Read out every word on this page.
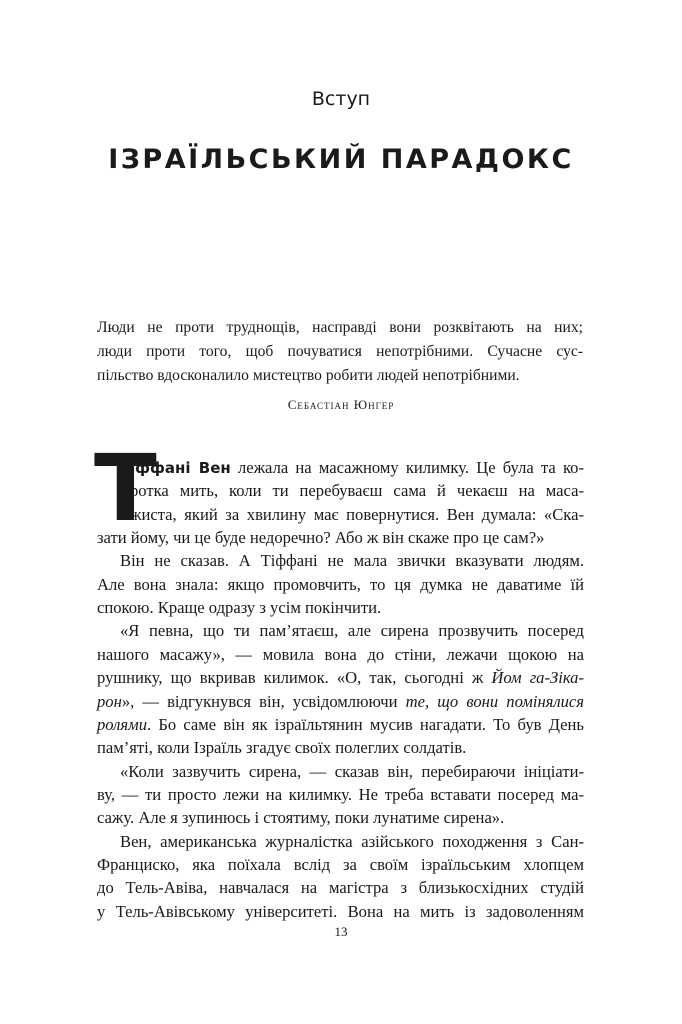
Вступ
ІЗРАЇЛЬСЬКИЙ ПАРАДОКС
Люди не проти труднощів, насправді вони розквітають на них;
люди проти того, щоб почуватися непотрібними. Сучасне сус-
пільство вдосконалило мистецтво робити людей непотрібними.
Себастіан Юнгер
Т
іффані Вен лежала на масажному килимку. Це була та ко-
ротка мить, коли ти перебуваєш сама й чекаєш на маса-
жиста, який за хвилину має повернутися. Вен думала: «Ска-
зати йому, чи це буде недоречно? Або ж він скаже про це сам?»
Він не сказав. А Тіффані не мала звички вказувати людям.
Але вона знала: якщо промовчить, то ця думка не даватиме їй
спокою. Краще одразу з усім покінчити.
«Я певна, що ти пам’ятаєш, але сирена прозвучить посеред
нашого масажу», — мовила вона до стіни, лежачи щокою на
рушнику, що вкривав килимок. «О, так, сьогодні ж Йом га-Зіка-
рон», — відгукнувся він, усвідомлюючи те, що вони помінялися
ролями. Бо саме він як ізраїльтянин мусив нагадати. То був День
пам’яті, коли Ізраїль згадує своїх полеглих солдатів.
«Коли зазвучить сирена, — сказав він, перебираючи ініціати-
ву, — ти просто лежи на килимку. Не треба вставати посеред ма-
сажу. Але я зупинюсь і стоятиму, поки лунатиме сирена».
Вен, американська журналістка азійського походження з Сан-
Франциско, яка поїхала вслід за своїм ізраїльським хлопцем
до Тель-Авіва, навчалася на магістра з близькосхідних студій
у Тель-Авівському університеті. Вона на мить із задоволенням
13
